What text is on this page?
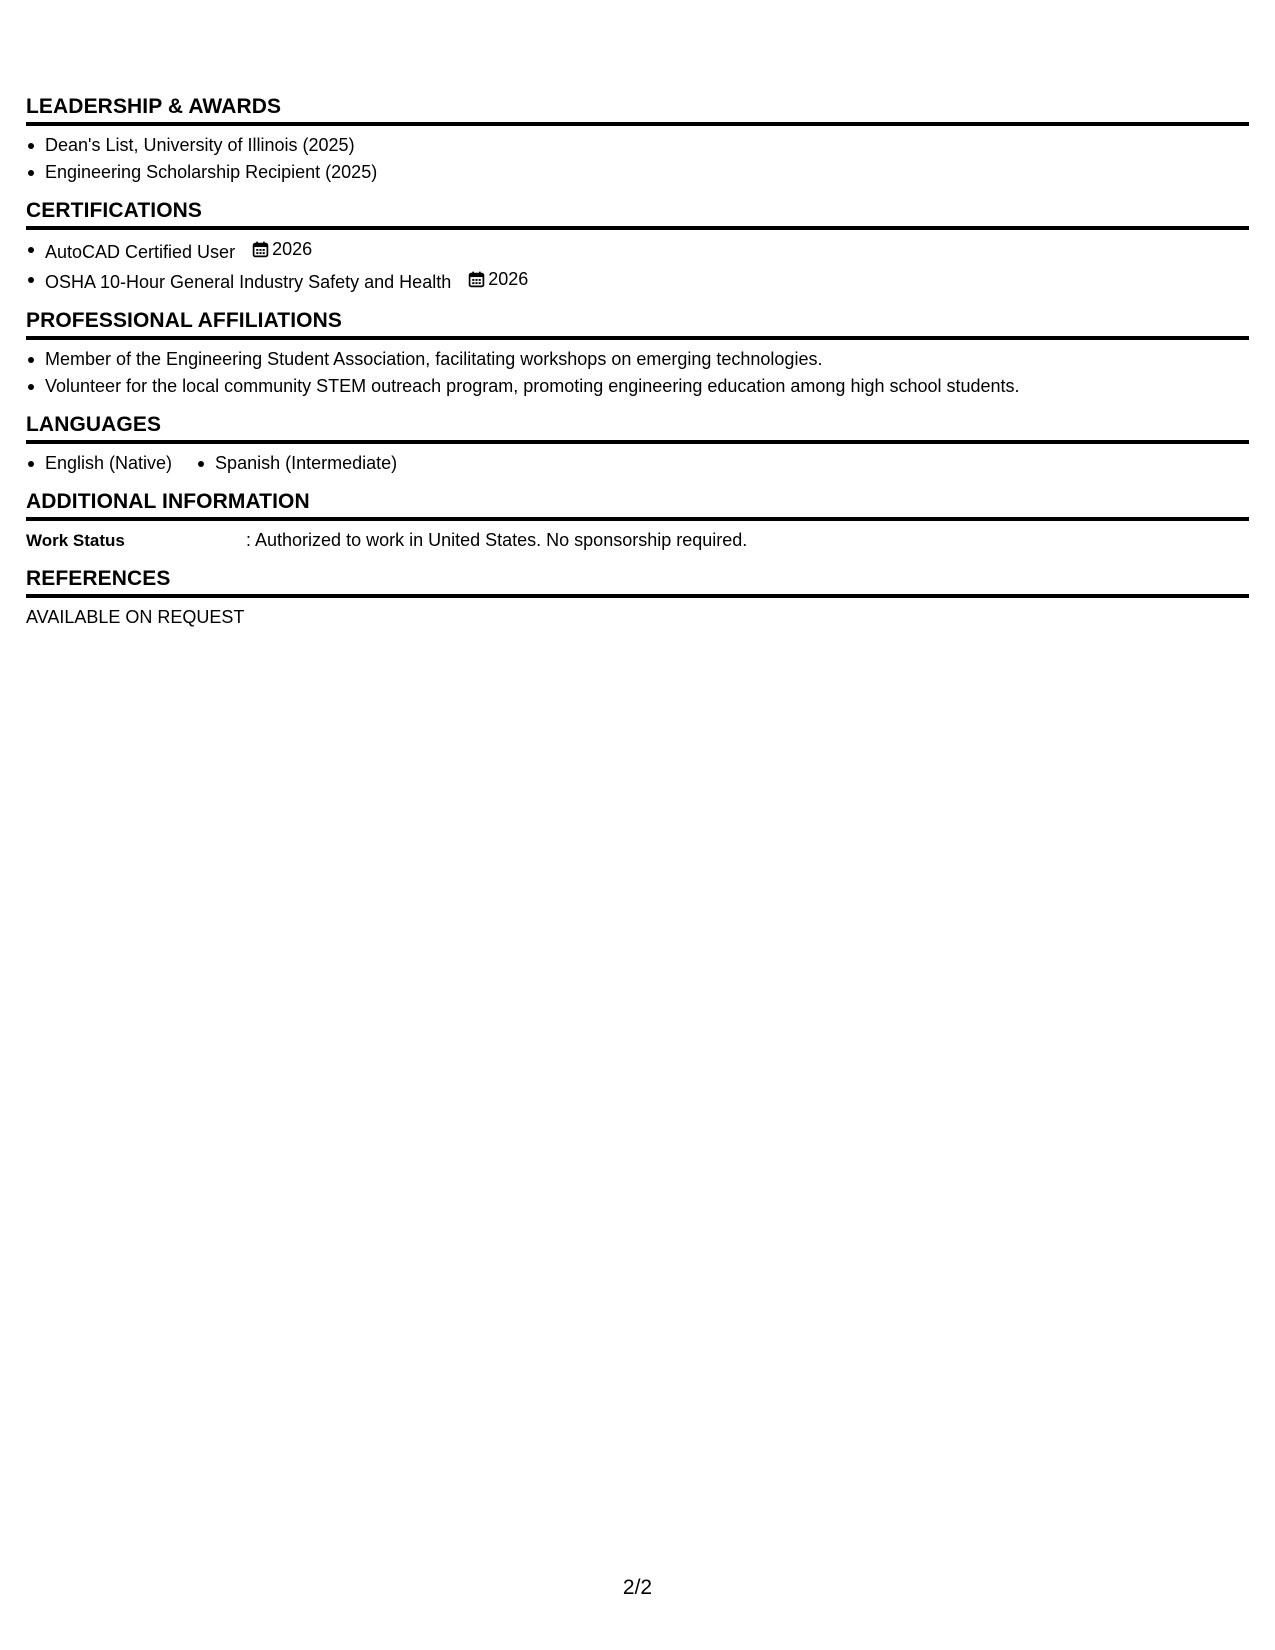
LEADERSHIP & AWARDS
Dean's List, University of Illinois (2025)
Engineering Scholarship Recipient (2025)
CERTIFICATIONS
AutoCAD Certified User 2026
OSHA 10-Hour General Industry Safety and Health 2026
PROFESSIONAL AFFILIATIONS
Member of the Engineering Student Association, facilitating workshops on emerging technologies.
Volunteer for the local community STEM outreach program, promoting engineering education among high school students.
LANGUAGES
English (Native)	Spanish (Intermediate)
ADDITIONAL INFORMATION
Work Status	: Authorized to work in United States. No sponsorship required.
REFERENCES
AVAILABLE ON REQUEST
2/2
